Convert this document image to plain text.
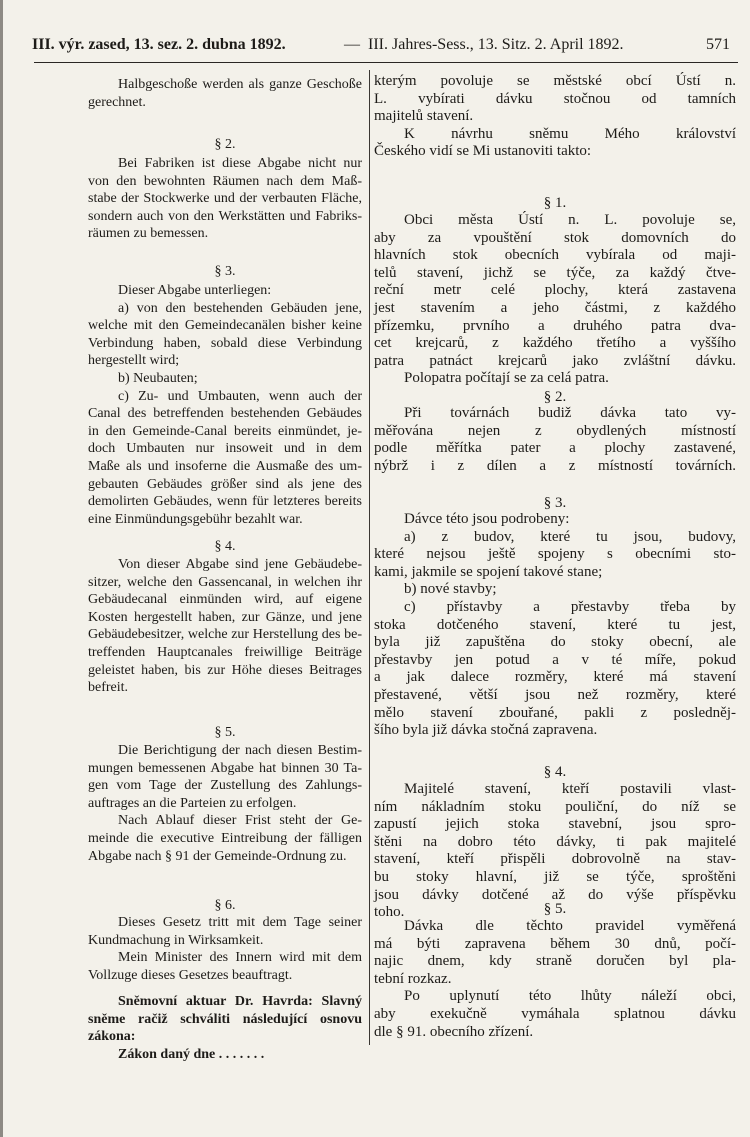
III. výr. zased, 13. sez. 2. dubna 1892.	— III. Jahres-Sess., 13. Sitz. 2. April 1892.	571
Halbgeschoße werden als ganze Geschoße
gerechnet.
§ 2.
Bei Fabriken ist diese Abgabe nicht nur
von den bewohnten Räumen nach dem Maß-
stabe der Stockwerke und der verbauten Fläche,
sondern auch von den Werkstätten und Fabriks-
räumen zu bemessen.
§ 3.
Dieser Abgabe unterliegen:
a) von den bestehenden Gebäuden jene,
welche mit den Gemeindecanälen bisher keine
Verbindung haben, sobald diese Verbindung
hergestellt wird;
b) Neubauten;
c) Zu- und Umbauten, wenn auch der
Canal des betreffenden bestehenden Gebäudes
in den Gemeinde-Canal bereits einmündet, je-
doch Umbauten nur insoweit und in dem
Maße als und insoferne die Ausmaße des um-
gebauten Gebäudes größer sind als jene des
demolirten Gebäudes, wenn für letzteres bereits
eine Einmündungsgebühr bezahlt war.
§ 4.
Von dieser Abgabe sind jene Gebäudebe-
sitzer, welche den Gassencanal, in welchen ihr
Gebäudecanal einmünden wird, auf eigene
Kosten hergestellt haben, zur Gänze, und jene
Gebäudebesitzer, welche zur Herstellung des be-
treffenden Hauptcanales freiwillige Beiträge
geleistet haben, bis zur Höhe dieses Beitrages
befreit.
§ 5.
Die Berichtigung der nach diesen Bestim-
mungen bemessenen Abgabe hat binnen 30 Ta-
gen vom Tage der Zustellung des Zahlungs-
auftrages an die Parteien zu erfolgen.
Nach Ablauf dieser Frist steht der Ge-
meinde die executive Eintreibung der fälligen
Abgabe nach § 91 der Gemeinde-Ordnung zu.
§ 6.
Dieses Gesetz tritt mit dem Tage seiner
Kundmachung in Wirksamkeit.
Mein Minister des Innern wird mit dem
Vollzuge dieses Gesetzes beauftragt.
Sněmovní aktuar Dr. Havrda: Slavný
sněme račiž schváliti následující osnovu
zákona:
Zákon daný dne . . . . . . .
kterým povoluje se městské obcí Ústí n.
L. vybírati dávku stočnou od tamních
majitelů stavení.
K návrhu sněmu Mého království
Českého vidí se Mi ustanoviti takto:
§ 1.
Obci města Ústí n. L. povoluje se,
aby za vpouštění stok domovních do
hlavních stok obecních vybírala od maji-
telů stavení, jichž se týče, za každý čtve-
reční metr celé plochy, která zastavena
jest stavením a jeho částmi, z každého
přízemku, prvního a druhého patra dva-
cet krejcarů, z každého třetího a vyššího
patra patnáct krejcarů jako zvláštní dávku.
Polopatra počítají se za celá patra.
§ 2.
Při továrnách budiž dávka tato vy-
měřována nejen z obydlených místností
podle měřítka pater a plochy zastavené,
nýbrž i z dílen a z místností továrních.
§ 3.
Dávce této jsou podrobeny:
a) z budov, které tu jsou, budovy,
které nejsou ještě spojeny s obecními sto-
kami, jakmile se spojení takové stane;
b) nové stavby;
c) přístavby a přestavby třeba by
stoka dotčeného stavení, které tu jest,
byla již zapuštěna do stoky obecní, ale
přestavby jen potud a v té míře, pokud
a jak dalece rozměry, které má stavení
přestavené, větší jsou než rozměry, které
mělo stavení zbouřané, pakli z posledněj-
šího byla již dávka stočná zapravena.
§ 4.
Majitelé stavení, kteří postavili vlast-
ním nákladním stoku pouliční, do níž se
zapustí jejich stoka stavební, jsou spro-
štěni na dobro této dávky, ti pak majitelé
stavení, kteří přispěli dobrovolně na stav-
bu stoky hlavní, již se týče, sproštěni
jsou dávky dotčené až do výše příspěvku
toho.	§ 5.
Dávka dle těchto pravidel vyměřená
má býti zapravena během 30 dnů, počí-
najic dnem, kdy straně doručen byl pla-
tební rozkaz.
Po uplynutí této lhůty náleží obci,
aby exekučně vymáhala splatnou dávku
dle § 91. obecního zřízení.
